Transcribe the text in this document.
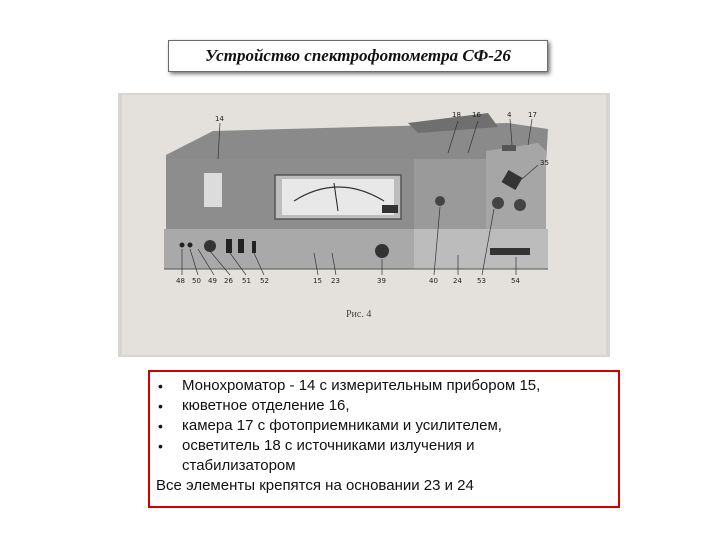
Устройство спектрофотометра СФ-26
14	18 16	4 17
35
48 50 49 26 51 52	15 23	39	40 24 53	54
Рис. 4
• Монохроматор - 14 с измерительным прибором 15,
• кюветное отделение 16,
• камера 17 с фотоприемниками и усилителем,
• осветитель 18 с источниками излучения и стабилизатором
Все элементы крепятся на основании 23 и 24
